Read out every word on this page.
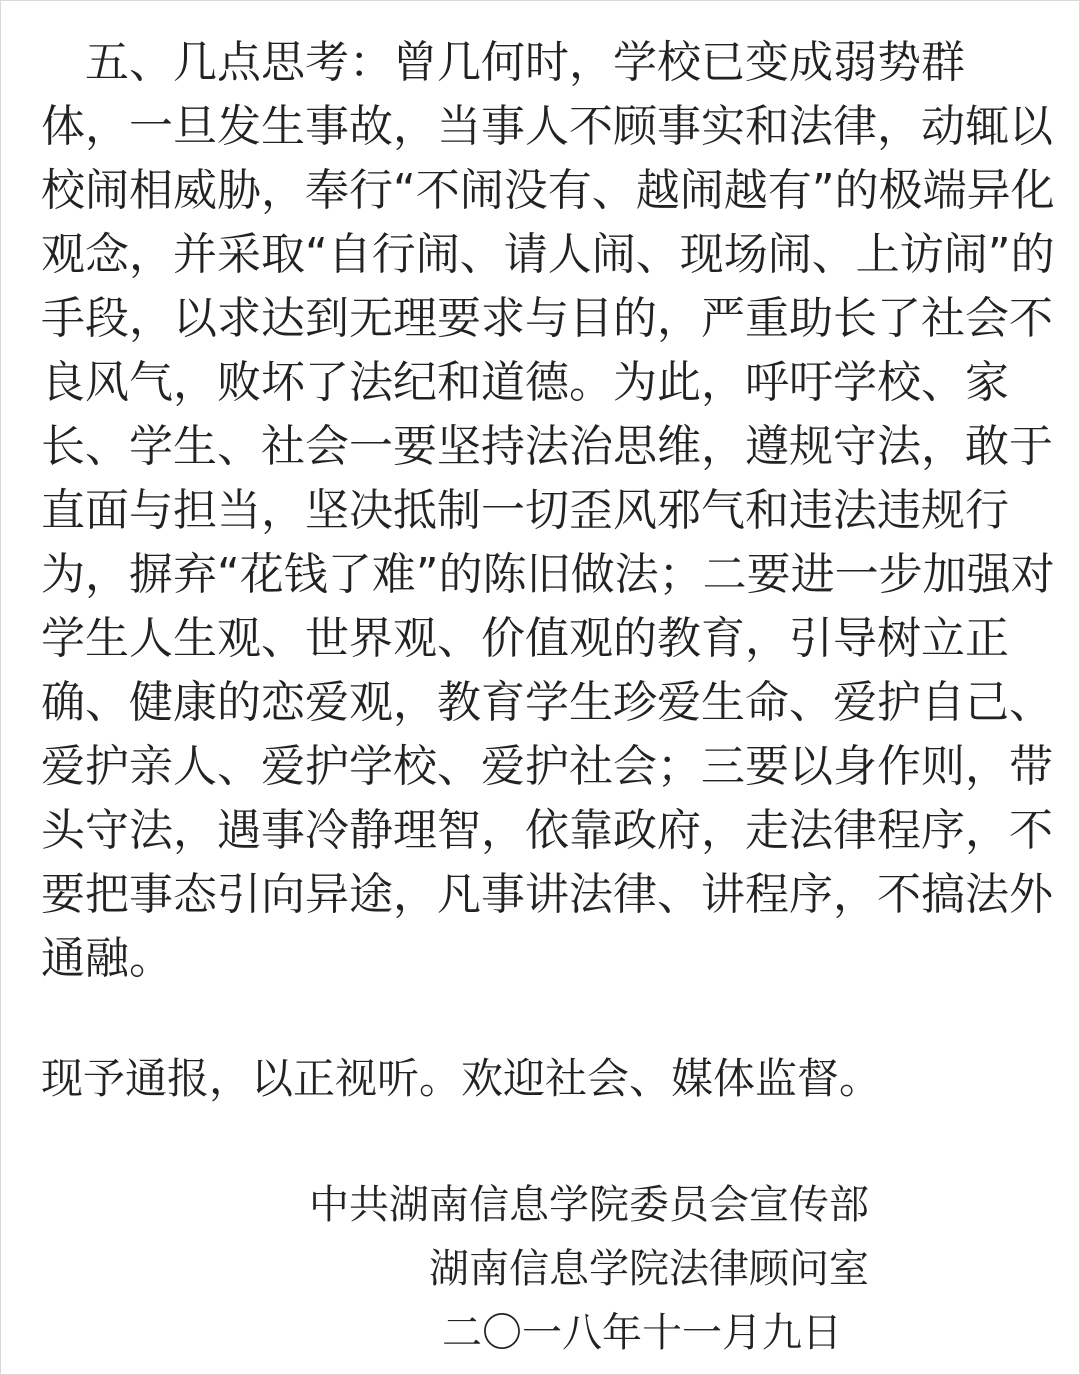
　五、几点思考：曾几何时，学校已变成弱势群
体，一旦发生事故，当事人不顾事实和法律，动辄以
校闹相威胁，奉行“不闹没有、越闹越有”的极端异化
观念，并采取“自行闹、请人闹、现场闹、上访闹”的
手段，以求达到无理要求与目的，严重助长了社会不
良风气，败坏了法纪和道德。为此，呼吁学校、家
长、学生、社会一要坚持法治思维，遵规守法，敢于
直面与担当，坚决抵制一切歪风邪气和违法违规行
为，摒弃“花钱了难”的陈旧做法；二要进一步加强对
学生人生观、世界观、价值观的教育，引导树立正
确、健康的恋爱观，教育学生珍爱生命、爱护自己、
爱护亲人、爱护学校、爱护社会；三要以身作则，带
头守法，遇事冷静理智，依靠政府，走法律程序，不
要把事态引向异途，凡事讲法律、讲程序，不搞法外
通融。
现予通报，以正视听。欢迎社会、媒体监督。
中共湖南信息学院委员会宣传部
湖南信息学院法律顾问室
二〇一八年十一月九日
